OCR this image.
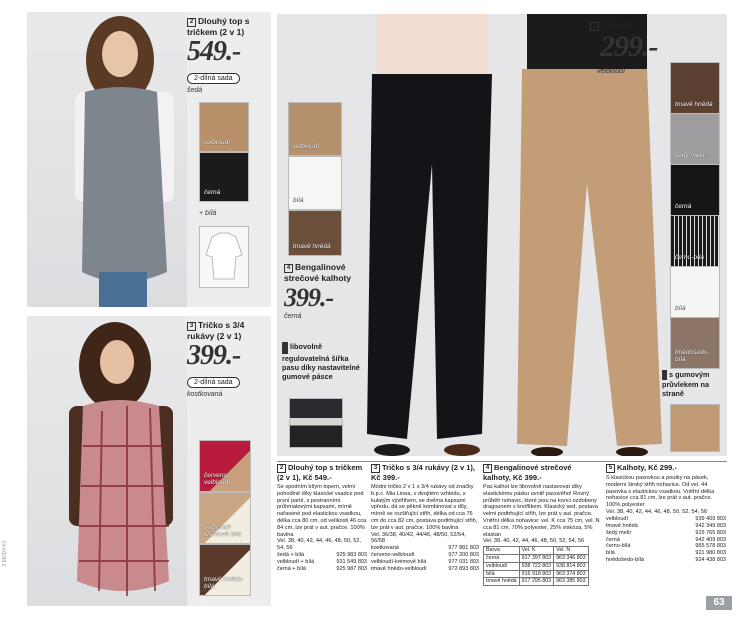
3 MODY.KV
2 Dlouhý top s tričkem (2 v 1)
549.-
2-dílná sada
šedá
velbloudí
černá
+ bílá
3 Tričko s 3/4 rukávy (2 v 1)
399.-
2-dílná sada
kostkovaná
červeno-velbloudí
velbloudí-krémově bílá
tmavě hnědo-bílá
velbloudí
bílá
tmavě hnědá
4 Bengalinové strečové kalhoty
399.-
černá
libovolně regulovatelná šířka pasu díky nastavitelné gumové pásce
5 Kalhoty
299.-
velbloudí
tmavě hnědá
šedý melír
černá
černo-bílá
bílá
hnědošedo-bílá
s gumovým průvlekem na straně
2 Dlouhý top s tričkem (2 v 1), Kč 549.-
Se spodním bílým topem, velmi pohodlně díky klasické vsadce pod prsní partií, s postranními průhmatovými kapsami, mírně nařasené pod elastickou vsadkou, délka cca 80 cm, od velikosti 46 cca 84 cm, lze prát v aut. pračce. 100% bavlna
Vel. 38, 40, 42, 44, 46, 48, 50, 52, 54, 56
šedá + bílá	925 983 803
velbloudí + bílá	931 549 803
černá + bílá	925 987 803
3 Tričko s 3/4 rukávy (2 v 1), Kč 399.-
Módní tričko 2 v 1 s 3/4 rukávy od značky b.p.c. Mia Linea, v dvojitém vzhledu, s kulatým výstřihem, se dvěma kapsami vpředu, dá se pěkně kombinovat s díly, mírně se rozšiřující střih, délka od cca 76 cm do cca 82 cm, postava podtrhující střih, lze prát v aut. pračce. 100% bavlna
Vel. 36/38, 40/42, 44/46, 48/50, 52/54, 56/58
kostkovaná	977 881 803
červeno-velbloudí	977 200 803
velbloudí-krémově bílá	977 031 803
tmavě hnědo-velbloudí	972 893 803
4 Bengalinové strečové kalhoty, Kč 399.-
Pas kalhot lze libovolně nastavovat díky elastickému pásku uvnitř pasového! Rovný průběh nohavic, které jsou na konci ozdobeny dragounem s knoflíkem. Klasický sed, postava velmi podtrhující střih, lze prát v aut. pračce. Vnitřní délka nohavice: vel. K cca 75 cm, vel. N cca 81 cm. 70% polyester, 25% viskóza, 5% elastan
Vel. 38, 40, 42, 44, 46, 48, 50, 52, 54, 56
Barva	Vel. K	Vel. N
černá	917 397 803	963 346 803
velbloudí	938 722 803	938 814 803
bílá	916 918 803	963 374 803
tmavě hnědá	917 295 803	963 385 803
5 Kalhoty, Kč 299.-
S klasickou pasovkou a poutky na pásek, moderní široký střih nohavice. Od vel. 44 pasovka s elastickou vsadkou. Vnitřní délka nohavice cca 81 cm, lze prát v aut. pračce. 100% polyester
Vel. 38, 40, 42, 44, 46, 48, 50, 52, 54, 56
velbloudí	939 409 803
tmavě hnědá	942 349 803
šedý melír	915 765 803
černá	942 409 803
černo-bílá	965 578 803
bílá	921 980 803
hnědošedo-bílá	924 438 803
63
